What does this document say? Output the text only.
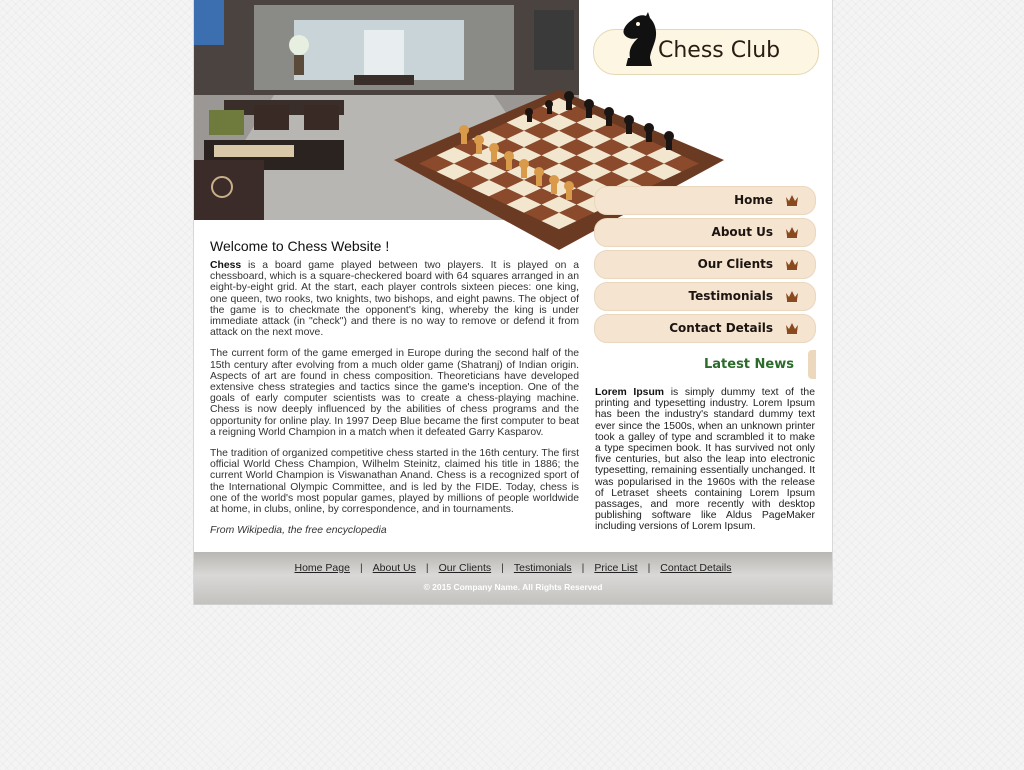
Chess Club
Home
About Us
Our Clients
Testimonials
Contact Details
Welcome to Chess Website !

Chess is a board game played between two players. It is played on a chessboard, which is a square-checkered board with 64 squares arranged in an eight-by-eight grid. At the start, each player controls sixteen pieces: one king, one queen, two rooks, two knights, two bishops, and eight pawns. The object of the game is to checkmate the opponent's king, whereby the king is under immediate attack (in "check") and there is no way to remove or defend it from attack on the next move.

The current form of the game emerged in Europe during the second half of the 15th century after evolving from a much older game (Shatranj) of Indian origin. Aspects of art are found in chess composition. Theoreticians have developed extensive chess strategies and tactics since the game's inception. One of the goals of early computer scientists was to create a chess-playing machine. Chess is now deeply influenced by the abilities of chess programs and the opportunity for online play. In 1997 Deep Blue became the first computer to beat a reigning World Champion in a match when it defeated Garry Kasparov.

The tradition of organized competitive chess started in the 16th century. The first official World Chess Champion, Wilhelm Steinitz, claimed his title in 1886; the current World Champion is Viswanathan Anand. Chess is a recognized sport of the International Olympic Committee, and is led by the FIDE. Today, chess is one of the world's most popular games, played by millions of people worldwide at home, in clubs, online, by correspondence, and in tournaments.

From Wikipedia, the free encyclopedia

Latest News
Lorem Ipsum is simply dummy text of the printing and typesetting industry. Lorem Ipsum has been the industry's standard dummy text ever since the 1500s, when an unknown printer took a galley of type and scrambled it to make a type specimen book. It has survived not only five centuries, but also the leap into electronic typesetting, remaining essentially unchanged. It was popularised in the 1960s with the release of Letraset sheets containing Lorem Ipsum passages, and more recently with desktop publishing software like Aldus PageMaker including versions of Lorem Ipsum.
Home Page | About Us | Our Clients | Testimonials | Price List | Contact Details
© 2015 Company Name. All Rights Reserved
